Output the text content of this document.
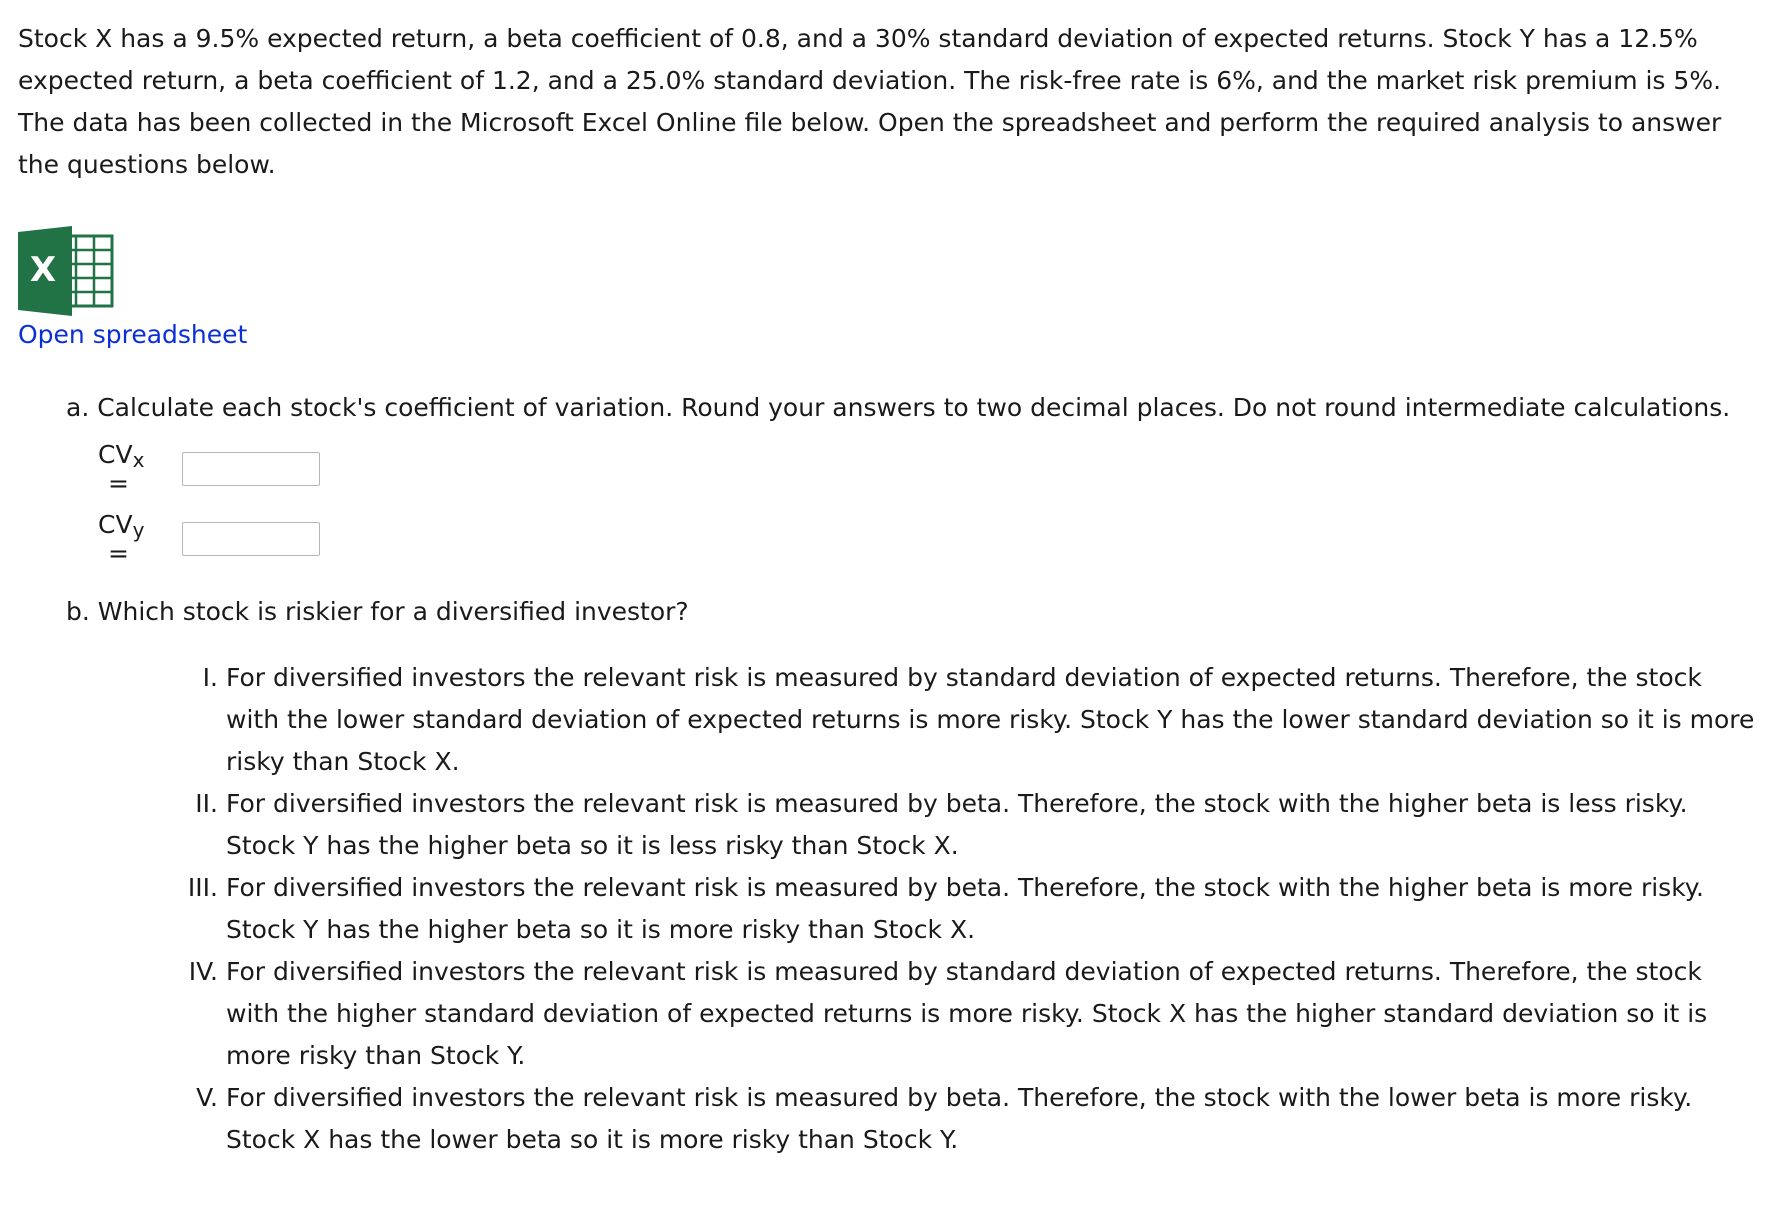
Stock X has a 9.5% expected return, a beta coefficient of 0.8, and a 30% standard deviation of expected returns. Stock Y has a 12.5% expected return, a beta coefficient of 1.2, and a 25.0% standard deviation. The risk-free rate is 6%, and the market risk premium is 5%. The data has been collected in the Microsoft Excel Online file below. Open the spreadsheet and perform the required analysis to answer the questions below.

X
Open spreadsheet

a. Calculate each stock's coefficient of variation. Round your answers to two decimal places. Do not round intermediate calculations.

$CV_x$ =
$CV_y$ =

b. Which stock is riskier for a diversified investor?

I. For diversified investors the relevant risk is measured by standard deviation of expected returns. Therefore, the stock with the lower standard deviation of expected returns is more risky. Stock Y has the lower standard deviation so it is more risky than Stock X.
II. For diversified investors the relevant risk is measured by beta. Therefore, the stock with the higher beta is less risky. Stock Y has the higher beta so it is less risky than Stock X.
III. For diversified investors the relevant risk is measured by beta. Therefore, the stock with the higher beta is more risky. Stock Y has the higher beta so it is more risky than Stock X.
IV. For diversified investors the relevant risk is measured by standard deviation of expected returns. Therefore, the stock with the higher standard deviation of expected returns is more risky. Stock X has the higher standard deviation so it is more risky than Stock Y.
V. For diversified investors the relevant risk is measured by beta. Therefore, the stock with the lower beta is more risky. Stock X has the lower beta so it is more risky than Stock Y.
